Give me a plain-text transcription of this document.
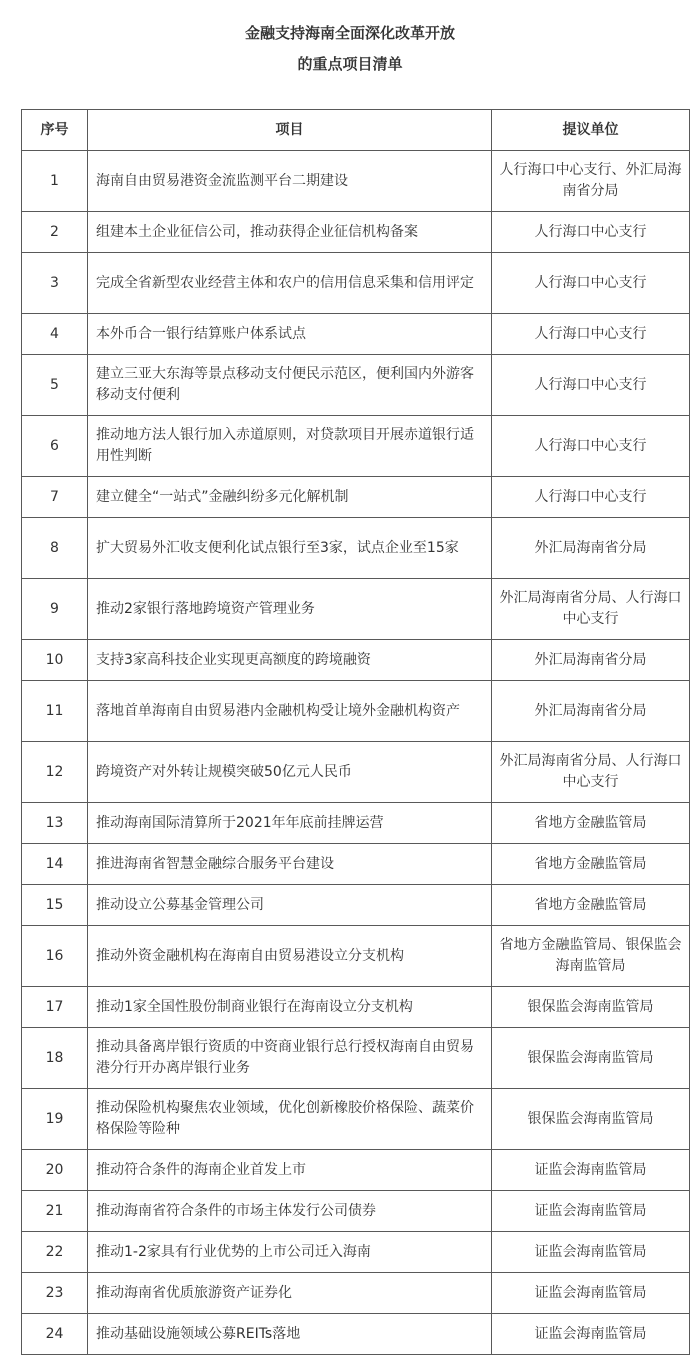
金融支持海南全面深化改革开放
的重点项目清单
序号	项目	提议单位
1	海南自由贸易港资金流监测平台二期建设	人行海口中心支行、外汇局海南省分局
2	组建本土企业征信公司，推动获得企业征信机构备案	人行海口中心支行
3	完成全省新型农业经营主体和农户的信用信息采集和信用评定	人行海口中心支行
4	本外币合一银行结算账户体系试点	人行海口中心支行
5	建立三亚大东海等景点移动支付便民示范区，便利国内外游客移动支付便利	人行海口中心支行
6	推动地方法人银行加入赤道原则，对贷款项目开展赤道银行适用性判断	人行海口中心支行
7	建立健全“一站式”金融纠纷多元化解机制	人行海口中心支行
8	扩大贸易外汇收支便利化试点银行至3家，试点企业至15家	外汇局海南省分局
9	推动2家银行落地跨境资产管理业务	外汇局海南省分局、人行海口中心支行
10	支持3家高科技企业实现更高额度的跨境融资	外汇局海南省分局
11	落地首单海南自由贸易港内金融机构受让境外金融机构资产	外汇局海南省分局
12	跨境资产对外转让规模突破50亿元人民币	外汇局海南省分局、人行海口中心支行
13	推动海南国际清算所于2021年年底前挂牌运营	省地方金融监管局
14	推进海南省智慧金融综合服务平台建设	省地方金融监管局
15	推动设立公募基金管理公司	省地方金融监管局
16	推动外资金融机构在海南自由贸易港设立分支机构	省地方金融监管局、银保监会海南监管局
17	推动1家全国性股份制商业银行在海南设立分支机构	银保监会海南监管局
18	推动具备离岸银行资质的中资商业银行总行授权海南自由贸易港分行开办离岸银行业务	银保监会海南监管局
19	推动保险机构聚焦农业领域，优化创新橡胶价格保险、蔬菜价格保险等险种	银保监会海南监管局
20	推动符合条件的海南企业首发上市	证监会海南监管局
21	推动海南省符合条件的市场主体发行公司债券	证监会海南监管局
22	推动1-2家具有行业优势的上市公司迁入海南	证监会海南监管局
23	推动海南省优质旅游资产证券化	证监会海南监管局
24	推动基础设施领域公募REITs落地	证监会海南监管局
